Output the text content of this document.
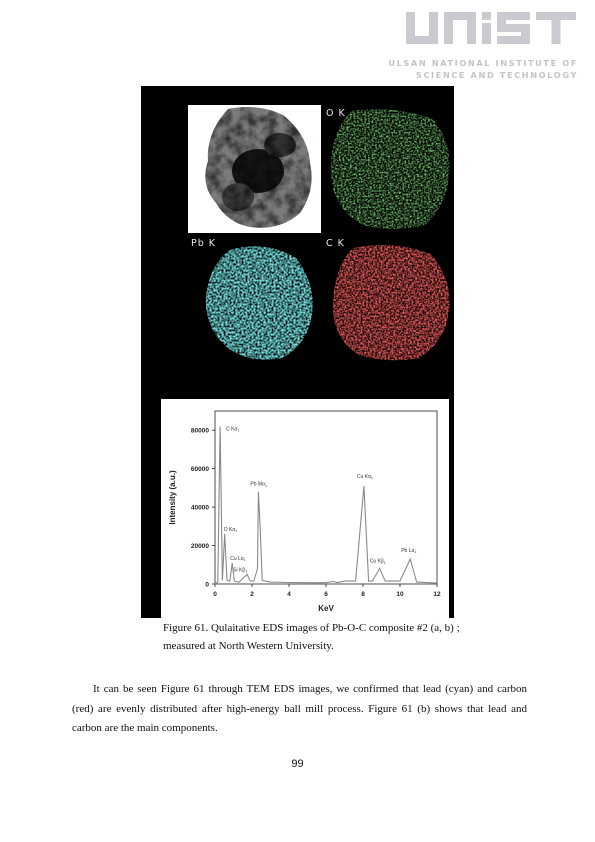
ULSAN NATIONAL INSTITUTE OF
SCIENCE AND TECHNOLOGY
O K
Pb K	C K
0	2	4	6	8	10	12
0
20000
40000
60000
80000
KeV
Intensity (a.u.)
C $K\alpha_1$
O $K\alpha_1$
Cu $L\alpha_1$
Si $K\beta_1$
Pb $M\alpha_1$
Cu $K\alpha_1$
Cu $K\beta_1$
Pb $L\alpha_1$
Figure 61. Qulaitative EDS images of Pb-O-C composite #2 (a, b) ;
measured at North Western University.

It can be seen Figure 61 through TEM EDS images, we confirmed that lead (cyan) and carbon (red) are evenly distributed after high-energy ball mill process. Figure 61 (b) shows that lead and carbon are the main components.

99
